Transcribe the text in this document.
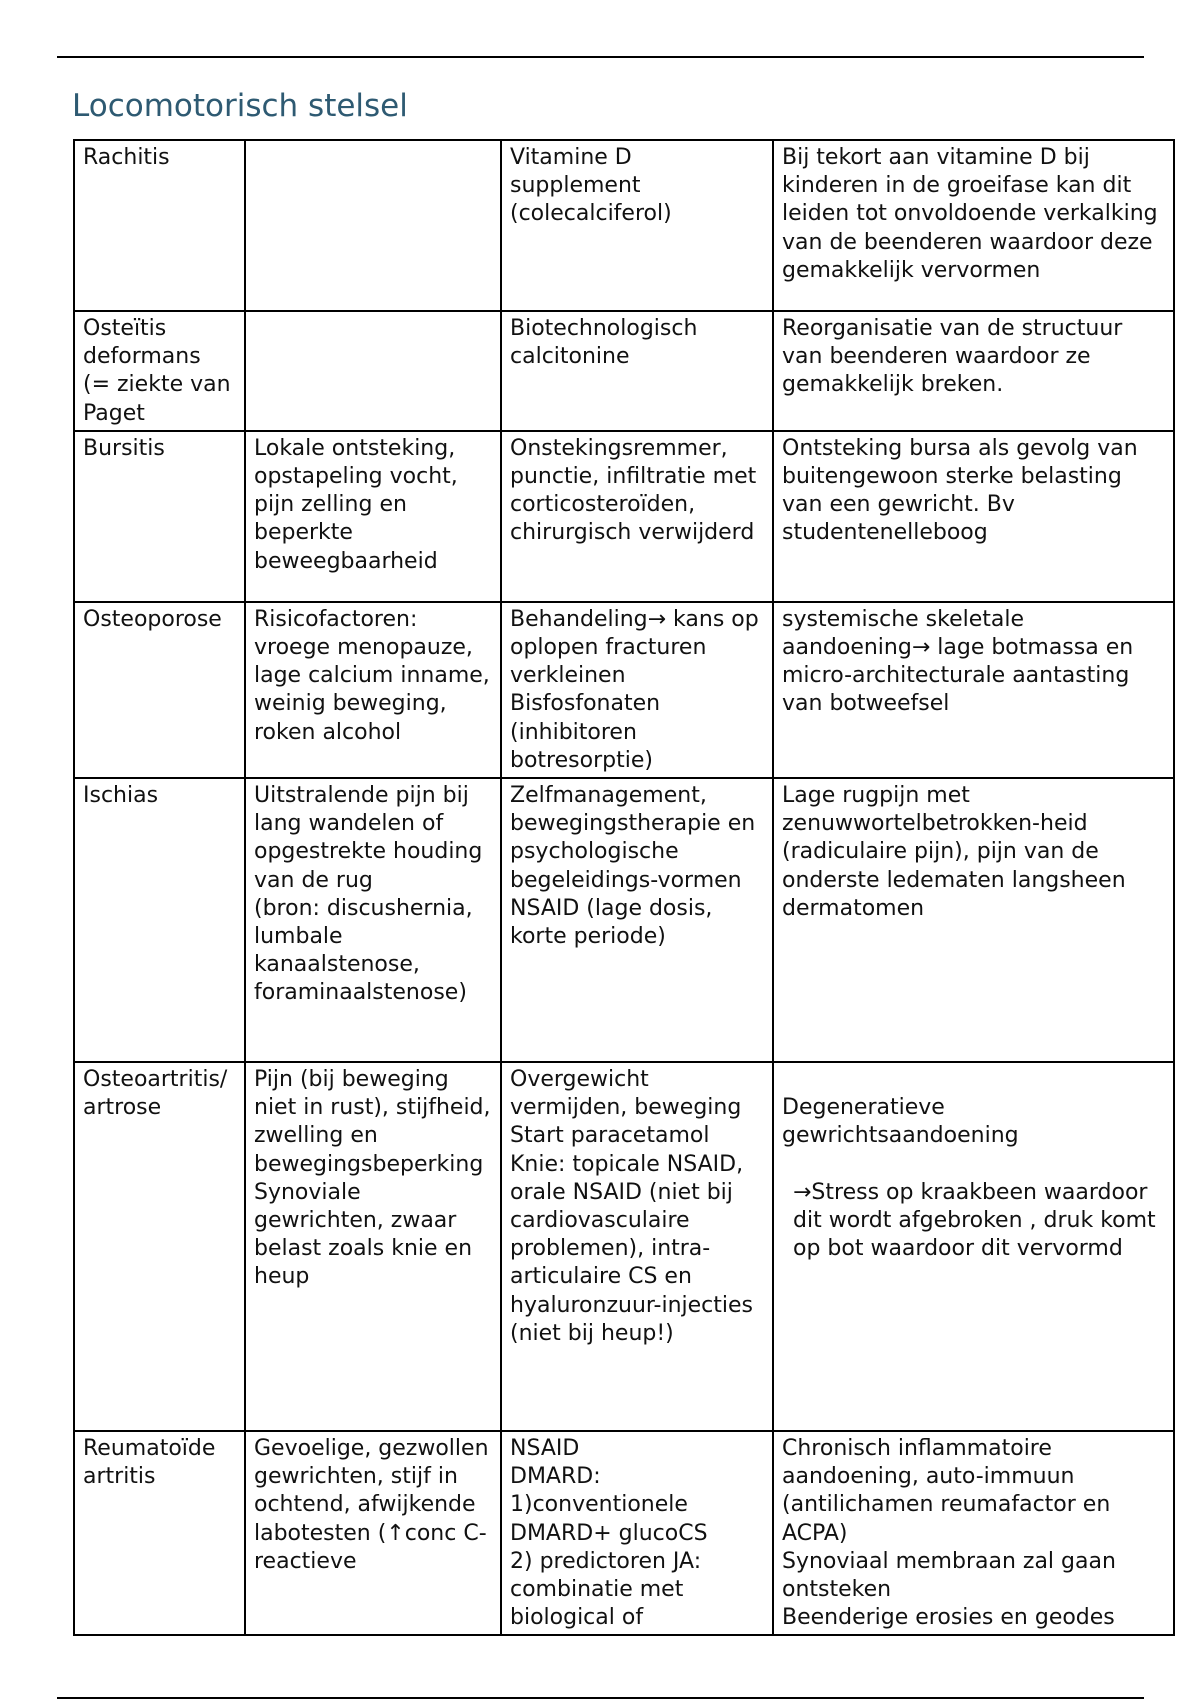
Locomotorisch stelsel
Rachitis		Vitamine D
supplement
(colecalciferol)	Bij tekort aan vitamine D bij kinderen in de groeifase kan dit leiden tot onvoldoende verkalking van de beenderen waardoor deze gemakkelijk vervormen

Osteïtis deformans
(= ziekte van Paget		Biotechnologisch calcitonine	Reorganisatie van de structuur van beenderen waardoor ze gemakkelijk breken.

Bursitis	Lokale ontsteking, opstapeling vocht, pijn zelling en beperkte beweegbaarheid	Onstekingsremmer, punctie, infiltratie met corticosteroïden, chirurgisch verwijderd	Ontsteking bursa als gevolg van buitengewoon sterke belasting van een gewricht. Bv studentenelleboog

Osteoporose	Risicofactoren: vroege menopauze, lage calcium inname, weinig beweging, roken alcohol	Behandeling→ kans op oplopen fracturen verkleinen
Bisfosfonaten (inhibitoren botresorptie)	systemische skeletale aandoening→ lage botmassa en micro-architecturale aantasting van botweefsel

Ischias	Uitstralende pijn bij lang wandelen of opgestrekte houding van de rug
(bron: discushernia, lumbale kanaalstenose, foraminaalstenose)	Zelfmanagement, bewegingstherapie en psychologische begeleidings-vormen
NSAID (lage dosis, korte periode)	Lage rugpijn met zenuwwortelbetrokken-heid (radiculaire pijn), pijn van de onderste ledematen langsheen dermatomen

Osteoartritis/artrose	Pijn (bij beweging niet in rust), stijfheid, zwelling en bewegingsbeperking
Synoviale gewrichten, zwaar belast zoals knie en heup	Overgewicht vermijden, beweging
Start paracetamol
Knie: topicale NSAID, orale NSAID (niet bij cardiovasculaire problemen), intra-articulaire CS en hyaluronzuur-injecties (niet bij heup!)	Degeneratieve gewrichtsaandoening

→Stress op kraakbeen waardoor dit wordt afgebroken , druk komt op bot waardoor dit vervormd

Reumatoïde artritis	Gevoelige, gezwollen gewrichten, stijf in ochtend, afwijkende labotesten (↑conc C-reactieve	NSAID
DMARD:
1)conventionele DMARD+ glucoCS
2) predictoren JA: combinatie met biological of	Chronisch inflammatoire aandoening, auto-immuun (antilichamen reumafactor en ACPA)
Synoviaal membraan zal gaan ontsteken
Beenderige erosies en geodes
